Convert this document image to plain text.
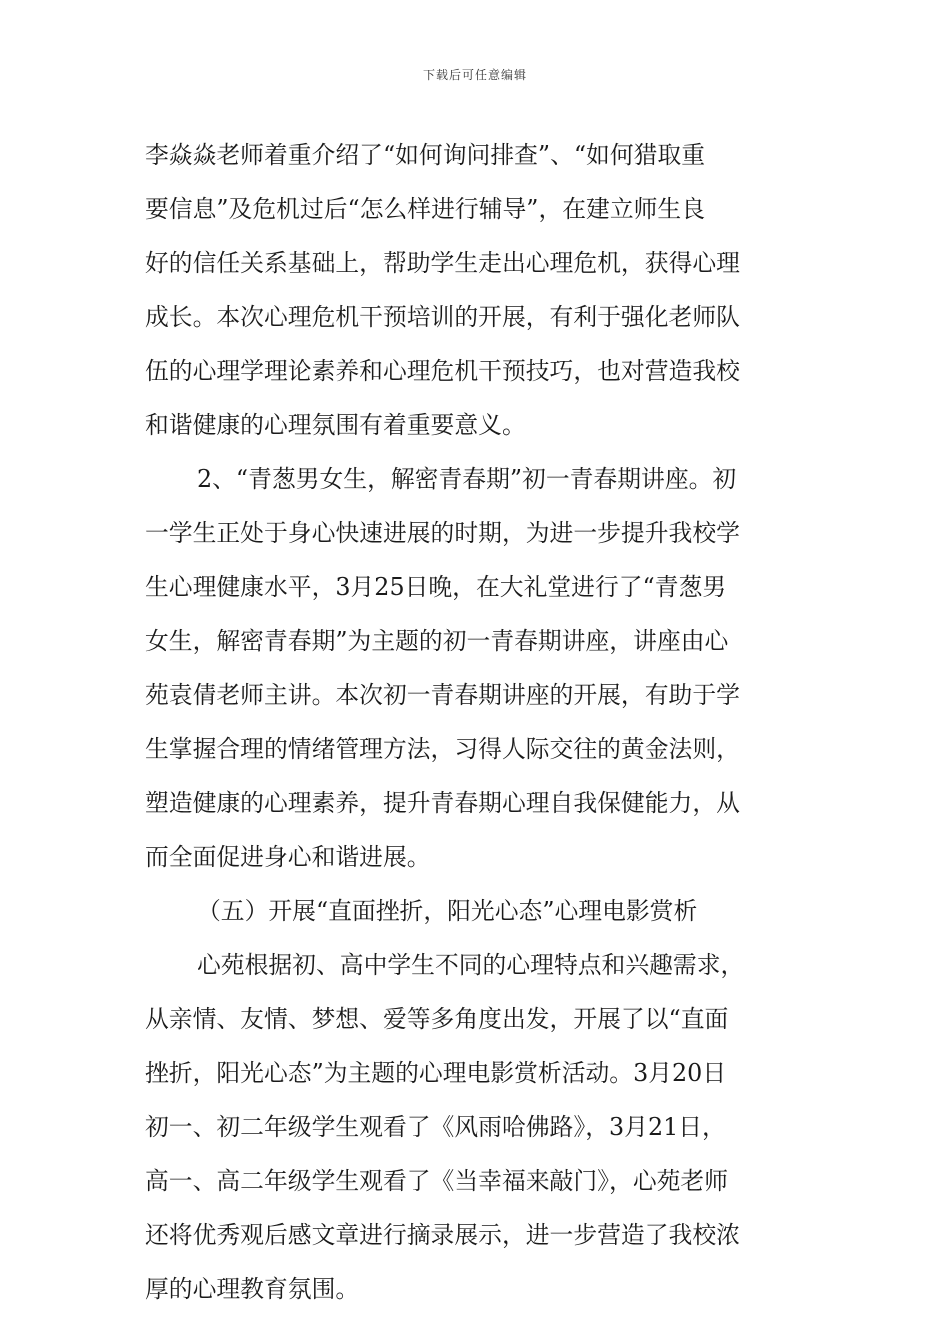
下载后可任意编辑
李焱焱老师着重介绍了“如何询问排查”、“如何猎取重
要信息”及危机过后“怎么样进行辅导”，在建立师生良
好的信任关系基础上，帮助学生走出心理危机，获得心理
成长。本次心理危机干预培训的开展，有利于强化老师队
伍的心理学理论素养和心理危机干预技巧，也对营造我校
和谐健康的心理氛围有着重要意义。
2、“青葱男女生，解密青春期”初一青春期讲座。初
一学生正处于身心快速进展的时期，为进一步提升我校学
生心理健康水平，3月25日晚，在大礼堂进行了“青葱男
女生，解密青春期”为主题的初一青春期讲座，讲座由心
苑袁倩老师主讲。本次初一青春期讲座的开展，有助于学
生掌握合理的情绪管理方法，习得人际交往的黄金法则，
塑造健康的心理素养，提升青春期心理自我保健能力，从
而全面促进身心和谐进展。
（五）开展“直面挫折，阳光心态”心理电影赏析
心苑根据初、高中学生不同的心理特点和兴趣需求，
从亲情、友情、梦想、爱等多角度出发，开展了以“直面
挫折，阳光心态”为主题的心理电影赏析活动。3月20日
初一、初二年级学生观看了《风雨哈佛路》，3月21日，
高一、高二年级学生观看了《当幸福来敲门》，心苑老师
还将优秀观后感文章进行摘录展示，进一步营造了我校浓
厚的心理教育氛围。
